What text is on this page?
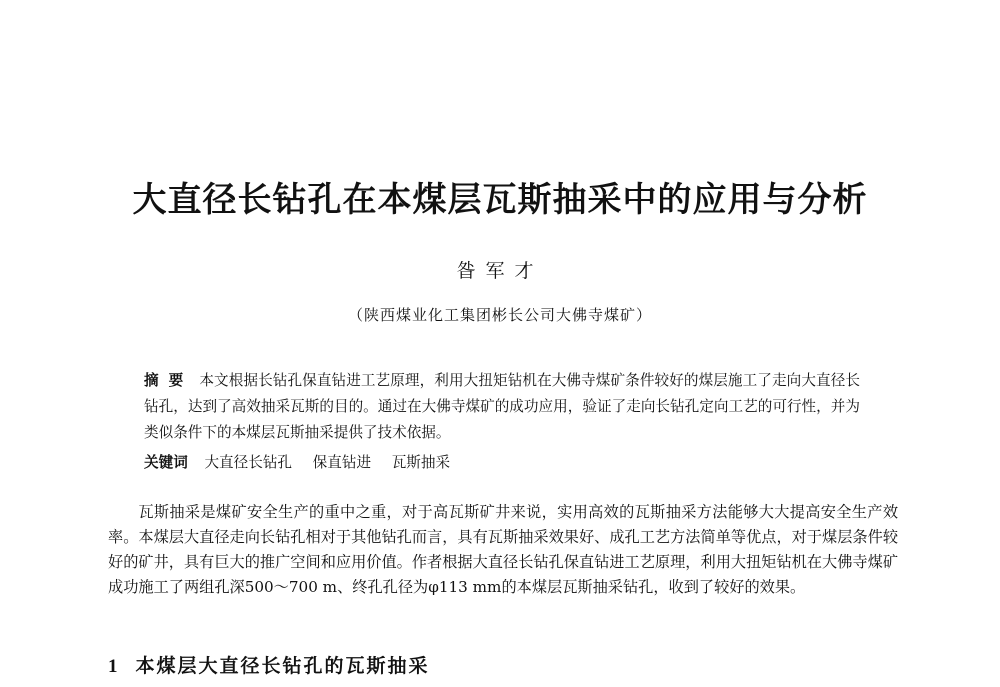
大直径长钻孔在本煤层瓦斯抽采中的应用与分析

昝军才

（陕西煤业化工集团彬长公司大佛寺煤矿）

摘要 本文根据长钻孔保直钻进工艺原理，利用大扭矩钻机在大佛寺煤矿条件较好的煤层施工了走向大直径长钻孔，达到了高效抽采瓦斯的目的。通过在大佛寺煤矿的成功应用，验证了走向长钻孔定向工艺的可行性，并为类似条件下的本煤层瓦斯抽采提供了技术依据。

关键词 大直径长钻孔 保直钻进 瓦斯抽采

瓦斯抽采是煤矿安全生产的重中之重，对于高瓦斯矿井来说，实用高效的瓦斯抽采方法能够大大提高安全生产效率。本煤层大直径走向长钻孔相对于其他钻孔而言，具有瓦斯抽采效果好、成孔工艺方法简单等优点，对于煤层条件较好的矿井，具有巨大的推广空间和应用价值。作者根据大直径长钻孔保直钻进工艺原理，利用大扭矩钻机在大佛寺煤矿成功施工了两组孔深500～700 m、终孔孔径为φ113 mm的本煤层瓦斯抽采钻孔，收到了较好的效果。

1 本煤层大直径长钻孔的瓦斯抽采
